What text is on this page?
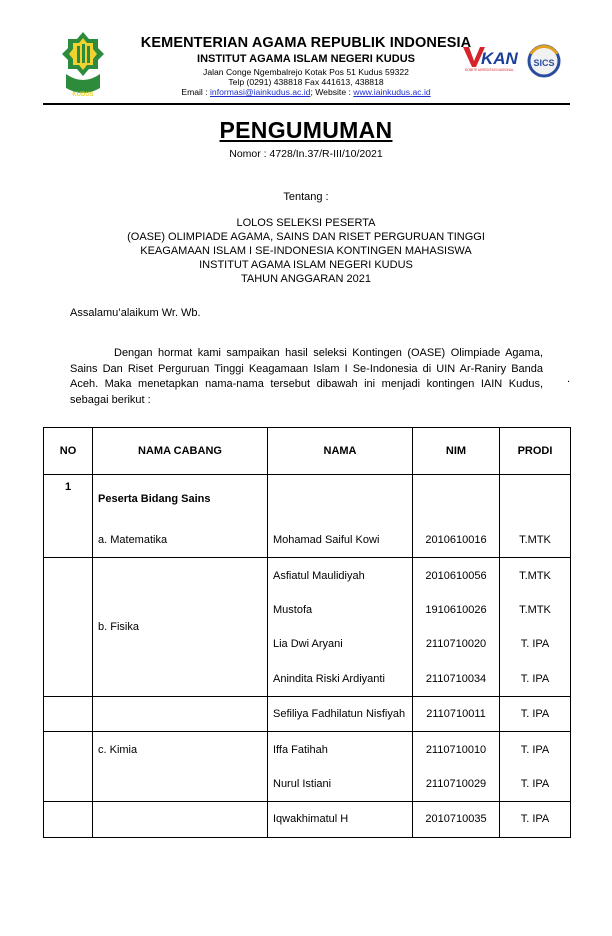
KUDUS
KAN
KOMITE AKREDITASI NASIONAL
SICS
KEMENTERIAN AGAMA REPUBLIK INDONESIA
INSTITUT AGAMA ISLAM NEGERI KUDUS
Jalan Conge Ngembalrejo Kotak Pos 51 Kudus 59322
Telp (0291) 438818 Fax 441613, 438818
Email : informasi@iainkudus.ac.id; Website : www.iainkudus.ac.id
PENGUMUMAN
Nomor : 4728/In.37/R-III/10/2021
Tentang :
LOLOS SELEKSI PESERTA
(OASE) OLIMPIADE AGAMA, SAINS DAN RISET PERGURUAN TINGGI
KEAGAMAAN ISLAM I SE-INDONESIA KONTINGEN MAHASISWA
INSTITUT AGAMA ISLAM NEGERI KUDUS
TAHUN ANGGARAN 2021
Assalamu’alaikum Wr. Wb.
Dengan hormat kami sampaikan hasil seleksi Kontingen (OASE) Olimpiade Agama, Sains Dan Riset Perguruan Tinggi Keagamaan Islam I Se-Indonesia di UIN Ar-Raniry Banda Aceh. Maka menetapkan nama-nama tersebut dibawah ini menjadi kontingen IAIN Kudus, sebagai berikut :
.
NO	NAMA CABANG	NAMA	NIM	PRODI
1	Peserta Bidang Sains			
	a. Matematika	Mohamad Saiful Kowi	2010610016	T.MTK
	b. Fisika	Asfiatul Maulidiyah	2010610056	T.MTK
		Mustofa	1910610026	T.MTK
		Lia Dwi Aryani	2110710020	T. IPA
		Anindita Riski Ardiyanti	2110710034	T. IPA
		Sefiliya Fadhilatun Nisfiyah	2110710011	T. IPA
	c. Kimia	Iffa Fatihah	2110710010	T. IPA
		Nurul Istiani	2110710029	T. IPA
		Iqwakhimatul H	2010710035	T. IPA
